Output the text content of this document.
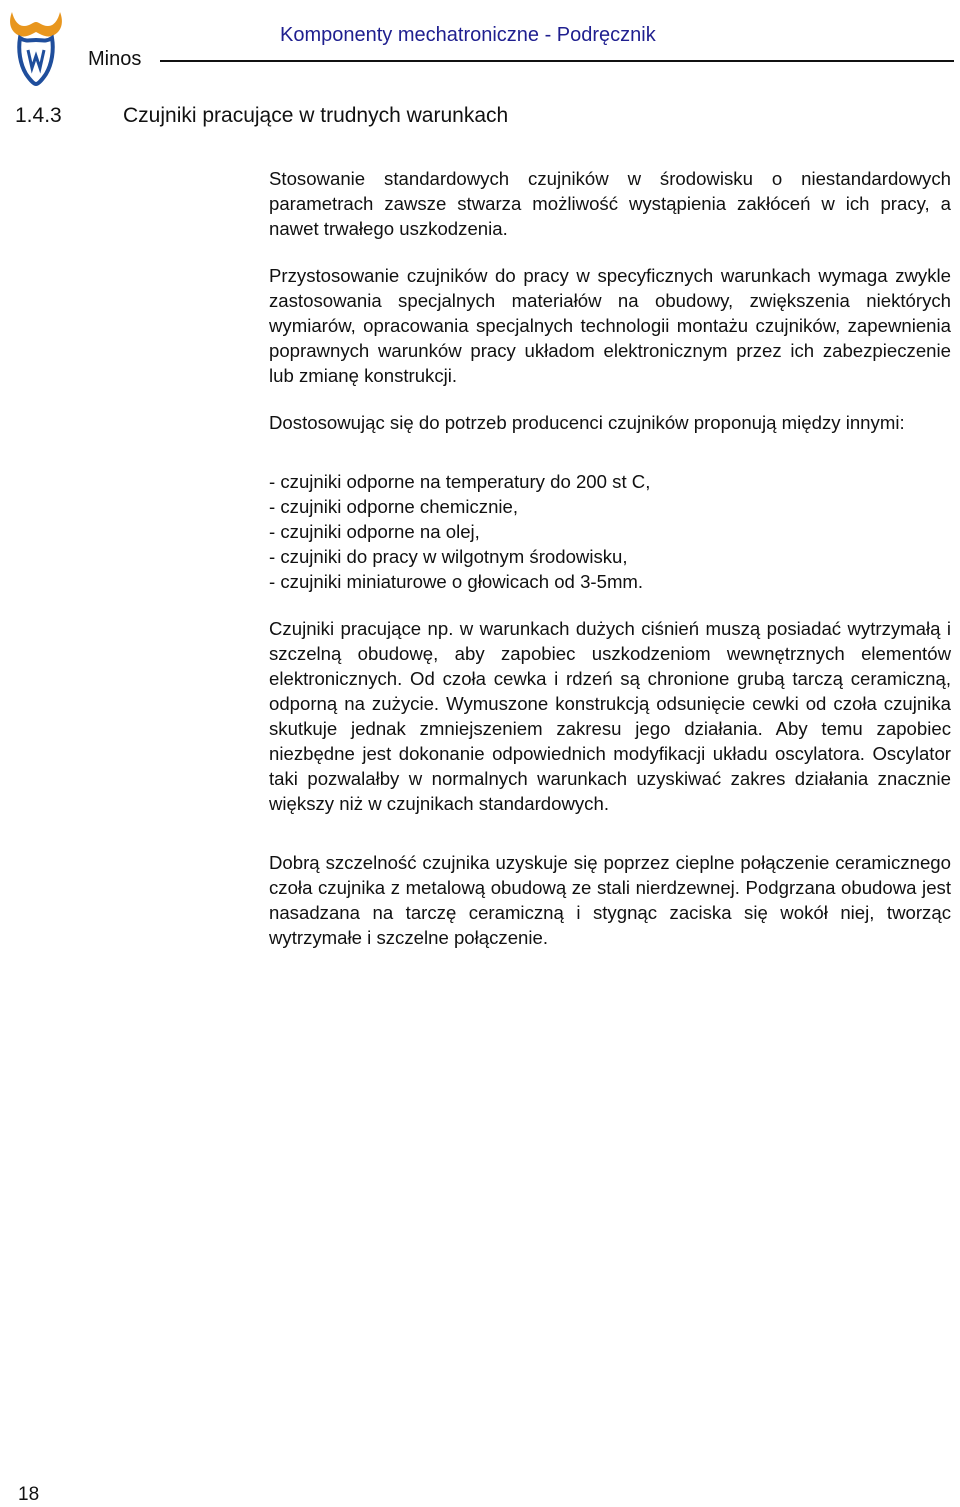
Minos
Komponenty mechatroniczne - Podręcznik
1.4.3	Czujniki pracujące w trudnych warunkach

Stosowanie standardowych czujników w środowisku o niestandardowych parametrach zawsze stwarza możliwość wystąpienia zakłóceń w ich pracy, a nawet trwałego uszkodzenia.

Przystosowanie czujników do pracy w specyficznych warunkach wymaga zwykle zastosowania specjalnych materiałów na obudowy, zwiększenia niektórych wymiarów, opracowania specjalnych technologii montażu czujników, zapewnienia poprawnych warunków pracy układom elektronicznym przez ich zabezpieczenie lub zmianę konstrukcji.

Dostosowując się do potrzeb producenci czujników proponują między innymi:

- czujniki odporne na temperatury do 200 st C,
- czujniki odporne chemicznie,
- czujniki odporne na olej,
- czujniki do pracy w wilgotnym środowisku,
- czujniki miniaturowe o głowicach od 3-5mm.

Czujniki pracujące np. w warunkach dużych ciśnień muszą posiadać wytrzymałą i szczelną obudowę, aby zapobiec uszkodzeniom wewnętrznych elementów elektronicznych. Od czoła cewka i rdzeń są chronione grubą tarczą ceramiczną, odporną na zużycie. Wymuszone konstrukcją odsunięcie cewki od czoła czujnika skutkuje jednak zmniejszeniem zakresu jego działania. Aby temu zapobiec niezbędne jest dokonanie odpowiednich modyfikacji układu oscylatora. Oscylator taki pozwalałby w normalnych warunkach uzyskiwać zakres działania znacznie większy niż w czujnikach standardowych.

Dobrą szczelność czujnika uzyskuje się poprzez cieplne połączenie ceramicznego czoła czujnika z metalową obudową ze stali nierdzewnej. Podgrzana obudowa jest nasadzana na tarczę ceramiczną i stygnąc zaciska się wokół niej, tworząc wytrzymałe i szczelne połączenie.

18
